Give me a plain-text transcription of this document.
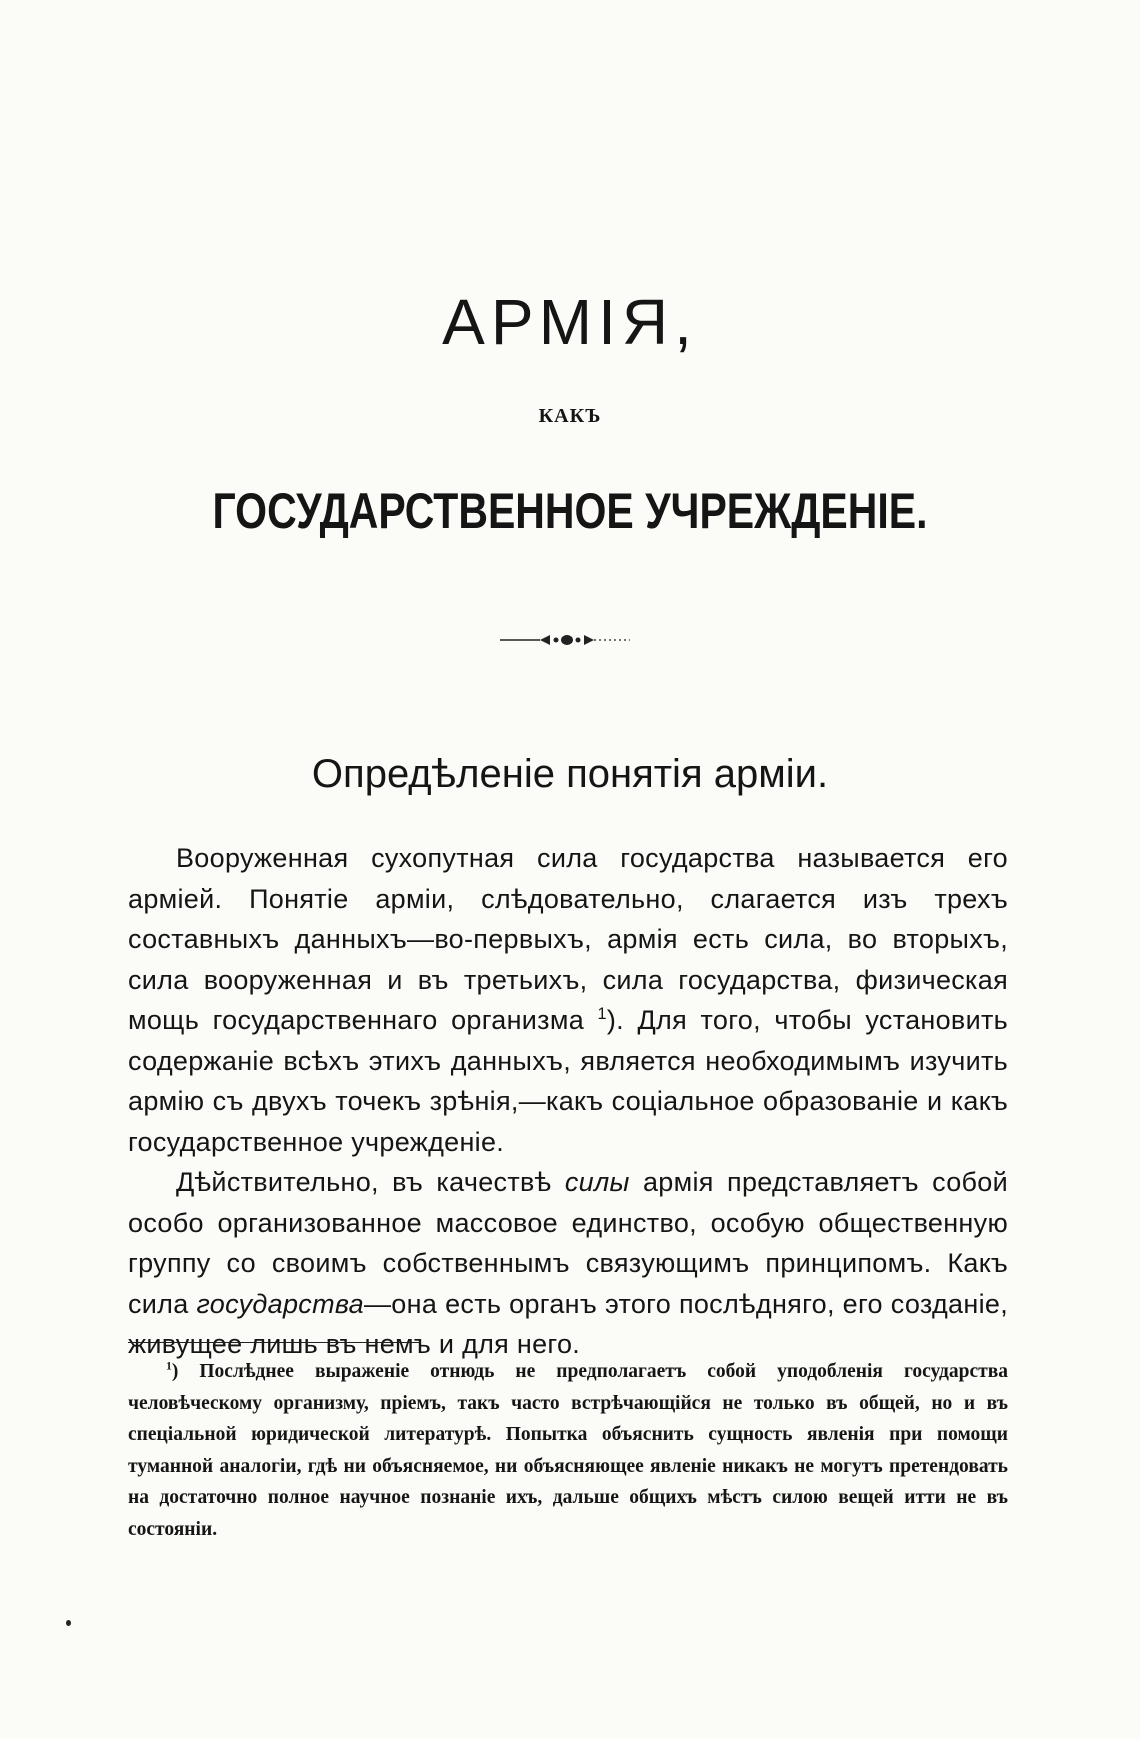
АРМІЯ,
КАКЪ
ГОСУДАРСТВЕННОЕ УЧРЕЖДЕНІЕ.
Опредѣленіе понятія арміи.

Вооруженная сухопутная сила государства называется его арміей. Понятіе арміи, слѣдовательно, слагается изъ трехъ составныхъ данныхъ—во-первыхъ, армія есть сила, во вторыхъ, сила вооруженная и въ третьихъ, сила государства, физическая мощь государственнаго организма $^1$). Для того, чтобы установить содержаніе всѣхъ этихъ данныхъ, является необходимымъ изучить армію съ двухъ точекъ зрѣнія,—какъ соціальное образованіе и какъ государственное учрежденіе.

Дѣйствительно, въ качествѣ силы армія представляетъ собой особо организованное массовое единство, особую общественную группу со своимъ собственнымъ связующимъ принципомъ. Какъ сила государства—она есть органъ этого послѣдняго, его созданіе, живущее лишь въ немъ и для него.

$^1$) Послѣднее выраженіе отнюдь не предполагаетъ собой уподобленія государства человѣческому организму, пріемъ, такъ часто встрѣчающійся не только въ общей, но и въ спеціальной юридической литературѣ. Попытка объяснить сущность явленія при помощи туманной аналогіи, гдѣ ни объясняемое, ни объясняющее явленіе никакъ не могутъ претендовать на достаточно полное научное познаніе ихъ, дальше общихъ мѣстъ силою вещей итти не въ состояніи.
